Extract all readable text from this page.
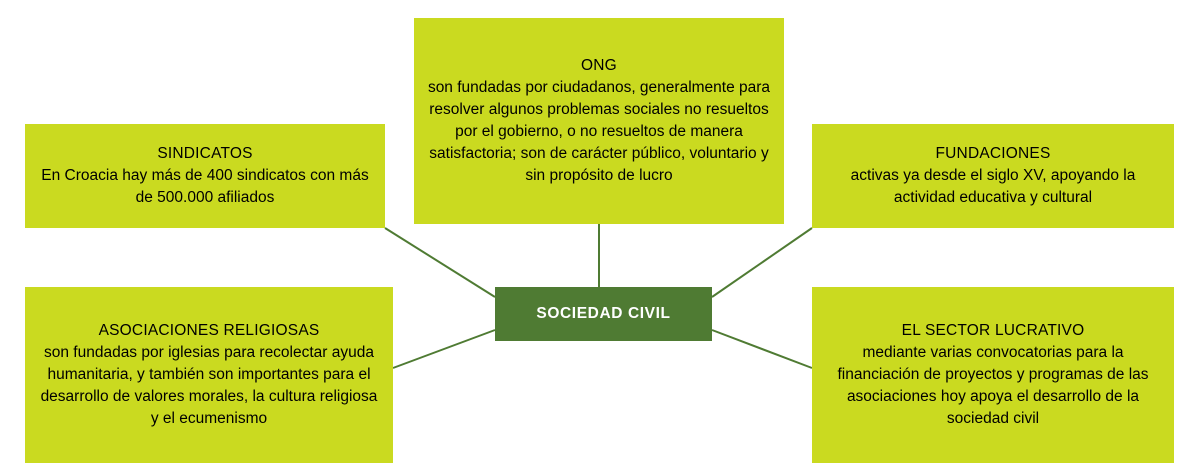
ONG
son fundadas por ciudadanos, generalmente para resolver algunos problemas sociales no resueltos por el gobierno, o no resueltos de manera satisfactoria; son de carácter público, voluntario y sin propósito de lucro
SINDICATOS
En Croacia hay más de 400 sindicatos con más de 500.000 afiliados
FUNDACIONES
activas ya desde el siglo XV, apoyando la actividad educativa y cultural
ASOCIACIONES RELIGIOSAS
son fundadas por iglesias para recolectar ayuda humanitaria, y también son importantes para el desarrollo de valores morales, la cultura religiosa y el ecumenismo
EL SECTOR LUCRATIVO
mediante varias convocatorias para la financiación de proyectos y programas de las asociaciones hoy apoya el desarrollo de la sociedad civil
SOCIEDAD CIVIL
